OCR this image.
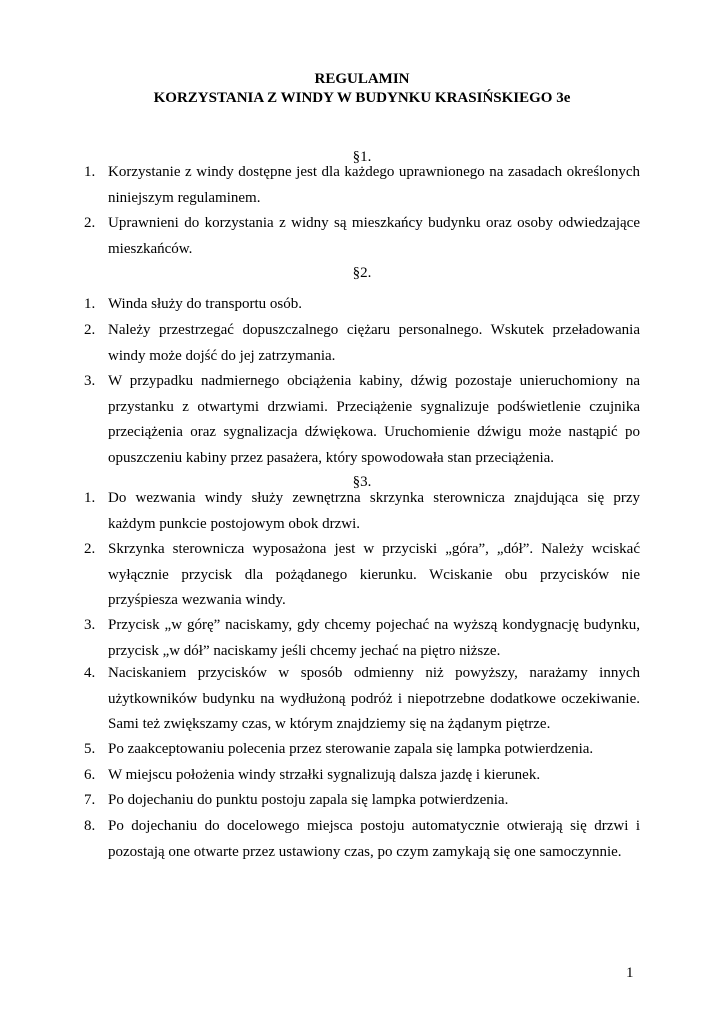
REGULAMIN
KORZYSTANIA Z WINDY W BUDYNKU KRASIŃSKIEGO 3e
§1.
1. Korzystanie z windy dostępne jest dla każdego uprawnionego na zasadach określonych niniejszym regulaminem.
2. Uprawnieni do korzystania z widny są mieszkańcy budynku oraz osoby odwiedzające mieszkańców.
§2.
1. Winda służy do transportu osób.
2. Należy przestrzegać dopuszczalnego ciężaru personalnego. Wskutek przeładowania windy może dojść do jej zatrzymania.
3. W przypadku nadmiernego obciążenia kabiny, dźwig pozostaje unieruchomiony na przystanku z otwartymi drzwiami. Przeciążenie sygnalizuje podświetlenie czujnika przeciążenia oraz sygnalizacja dźwiękowa. Uruchomienie dźwigu może nastąpić po opuszczeniu kabiny przez pasażera, który spowodowała stan przeciążenia.
§3.
1. Do wezwania windy służy zewnętrzna skrzynka sterownicza znajdująca się przy każdym punkcie postojowym obok drzwi.
2. Skrzynka sterownicza wyposażona jest w przyciski „góra”, „dół”. Należy wciskać wyłącznie przycisk dla pożądanego kierunku. Wciskanie obu przycisków nie przyśpiesza wezwania windy.
3. Przycisk „w górę” naciskamy, gdy chcemy pojechać na wyższą kondygnację budynku, przycisk „w dół” naciskamy jeśli chcemy jechać na piętro niższe.
4. Naciskaniem przycisków w sposób odmienny niż powyższy, narażamy innych użytkowników budynku na wydłużoną podróż i niepotrzebne dodatkowe oczekiwanie. Sami też zwiększamy czas, w którym znajdziemy się na żądanym piętrze.
5. Po zaakceptowaniu polecenia przez sterowanie zapala się lampka potwierdzenia.
6. W miejscu położenia windy strzałki sygnalizują dalsza jazdę i kierunek.
7. Po dojechaniu do punktu postoju zapala się lampka potwierdzenia.
8. Po dojechaniu do docelowego miejsca postoju automatycznie otwierają się drzwi i pozostają one otwarte przez ustawiony czas, po czym zamykają się one samoczynnie.
1
